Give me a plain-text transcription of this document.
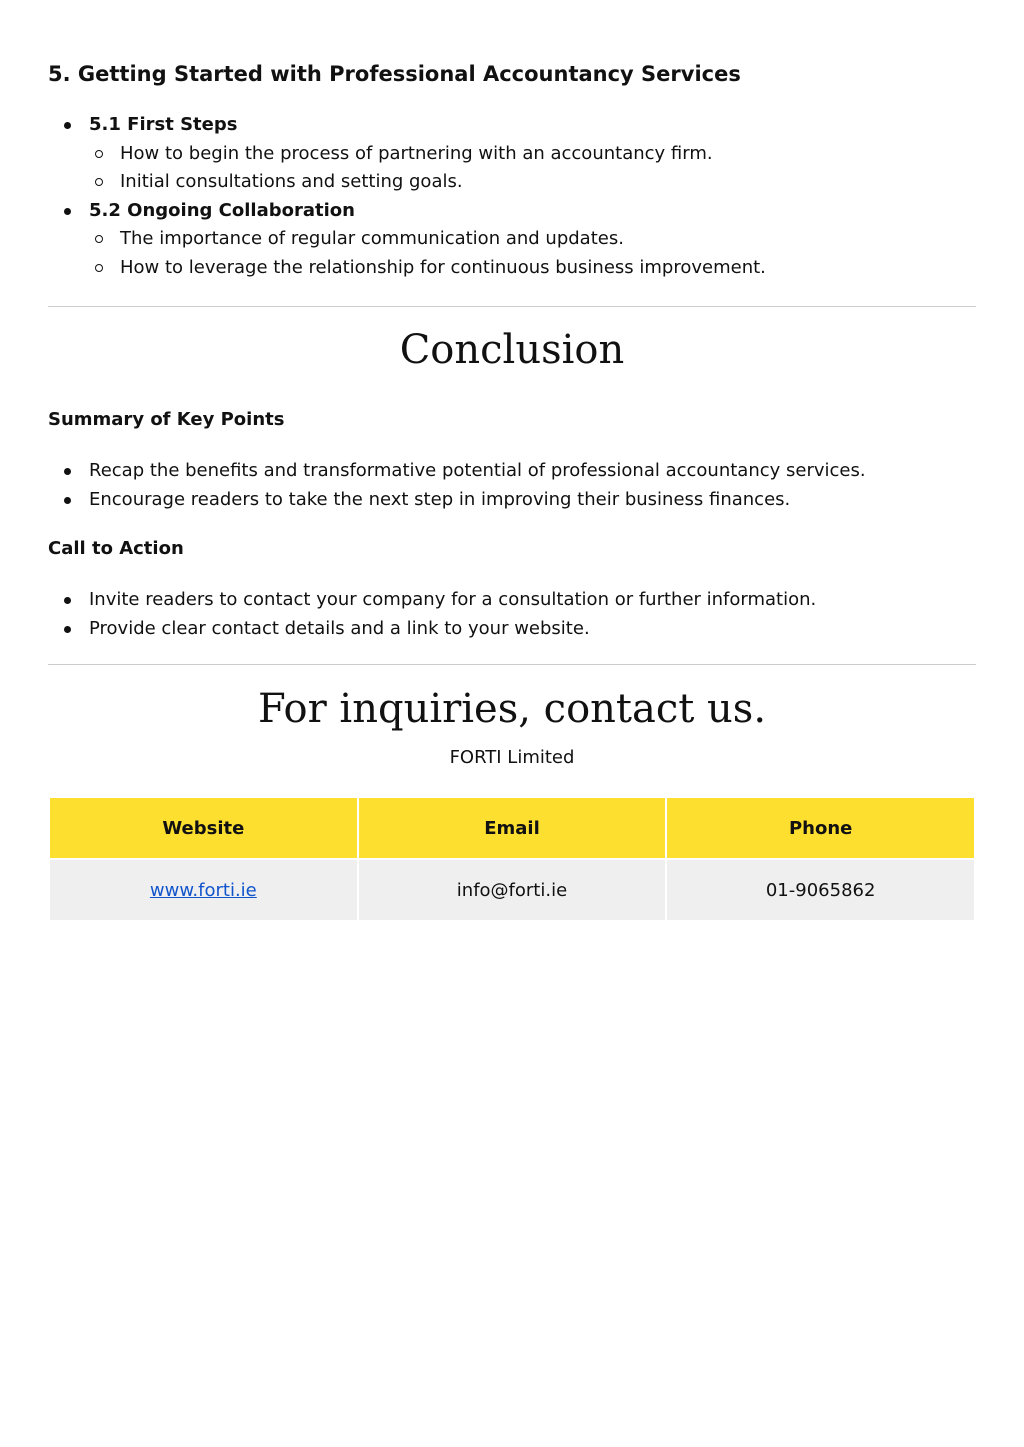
5. Getting Started with Professional Accountancy Services
5.1 First Steps
How to begin the process of partnering with an accountancy firm.
Initial consultations and setting goals.
5.2 Ongoing Collaboration
The importance of regular communication and updates.
How to leverage the relationship for continuous business improvement.
Conclusion
Summary of Key Points
Recap the benefits and transformative potential of professional accountancy services.
Encourage readers to take the next step in improving their business finances.
Call to Action
Invite readers to contact your company for a consultation or further information.
Provide clear contact details and a link to your website.
For inquiries, contact us.
FORTI Limited
Website	Email	Phone
www.forti.ie	info@forti.ie	01-9065862
